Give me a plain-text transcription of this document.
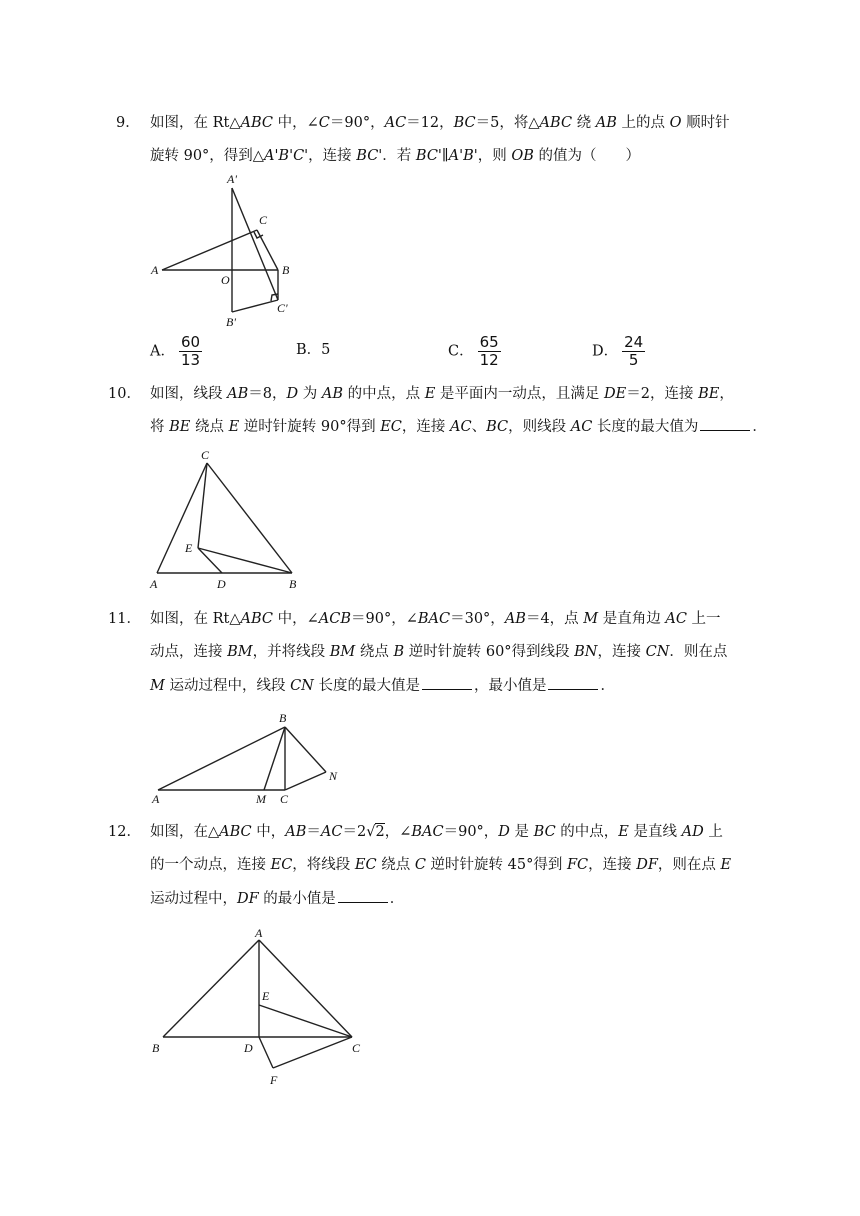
9． 如图，在 Rt△ABC 中，∠C＝90°，AC＝12，BC＝5，将△ABC 绕 AB 上的点 O 顺时针
旋转 90°，得到△A'B'C'，连接 BC'．若 BC'∥A'B'，则 OB 的值为（　　）
A'
C
A
O
B
C'
B'
A． $\frac{60}{13}$	B．5	C． $\frac{65}{12}$	D． $\frac{24}{5}$
10． 如图，线段 AB＝8，D 为 AB 的中点，点 E 是平面内一动点，且满足 DE＝2，连接 BE，
将 BE 绕点 E 逆时针旋转 90°得到 EC，连接 AC、BC，则线段 AC 长度的最大值为	．
C
E
A	D	B
11． 如图，在 Rt△ABC 中，∠ACB＝90°，∠BAC＝30°，AB＝4，点 M 是直角边 AC 上一
动点，连接 BM，并将线段 BM 绕点 B 逆时针旋转 60°得到线段 BN，连接 CN．则在点
M 运动过程中，线段 CN 长度的最大值是	，最小值是	．
B
N
A	M C
12． 如图，在△ABC 中，AB＝AC＝2√2，∠BAC＝90°，D 是 BC 的中点，E 是直线 AD 上
的一个动点，连接 EC，将线段 EC 绕点 C 逆时针旋转 45°得到 FC，连接 DF，则在点 E
运动过程中，DF 的最小值是	．
A
E
B	D	C
F
